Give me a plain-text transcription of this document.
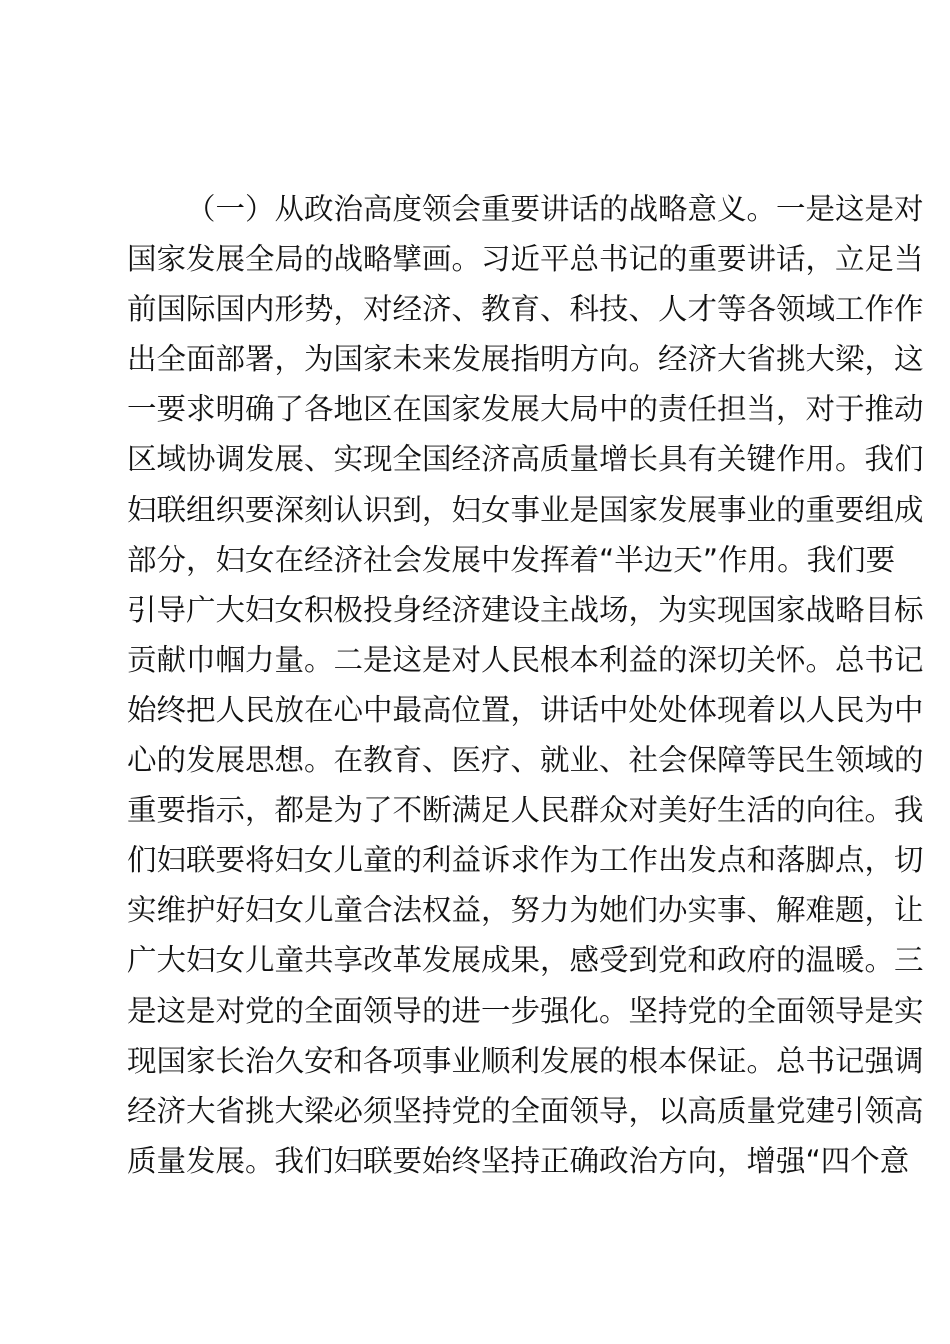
（一）从政治高度领会重要讲话的战略意义。一是这是对
国家发展全局的战略擘画。习近平总书记的重要讲话，立足当
前国际国内形势，对经济、教育、科技、人才等各领域工作作
出全面部署，为国家未来发展指明方向。经济大省挑大梁，这
一要求明确了各地区在国家发展大局中的责任担当，对于推动
区域协调发展、实现全国经济高质量增长具有关键作用。我们
妇联组织要深刻认识到，妇女事业是国家发展事业的重要组成
部分，妇女在经济社会发展中发挥着“半边天”作用。我们要
引导广大妇女积极投身经济建设主战场，为实现国家战略目标
贡献巾帼力量。二是这是对人民根本利益的深切关怀。总书记
始终把人民放在心中最高位置，讲话中处处体现着以人民为中
心的发展思想。在教育、医疗、就业、社会保障等民生领域的
重要指示，都是为了不断满足人民群众对美好生活的向往。我
们妇联要将妇女儿童的利益诉求作为工作出发点和落脚点，切
实维护好妇女儿童合法权益，努力为她们办实事、解难题，让
广大妇女儿童共享改革发展成果，感受到党和政府的温暖。三
是这是对党的全面领导的进一步强化。坚持党的全面领导是实
现国家长治久安和各项事业顺利发展的根本保证。总书记强调
经济大省挑大梁必须坚持党的全面领导，以高质量党建引领高
质量发展。我们妇联要始终坚持正确政治方向，增强“四个意
